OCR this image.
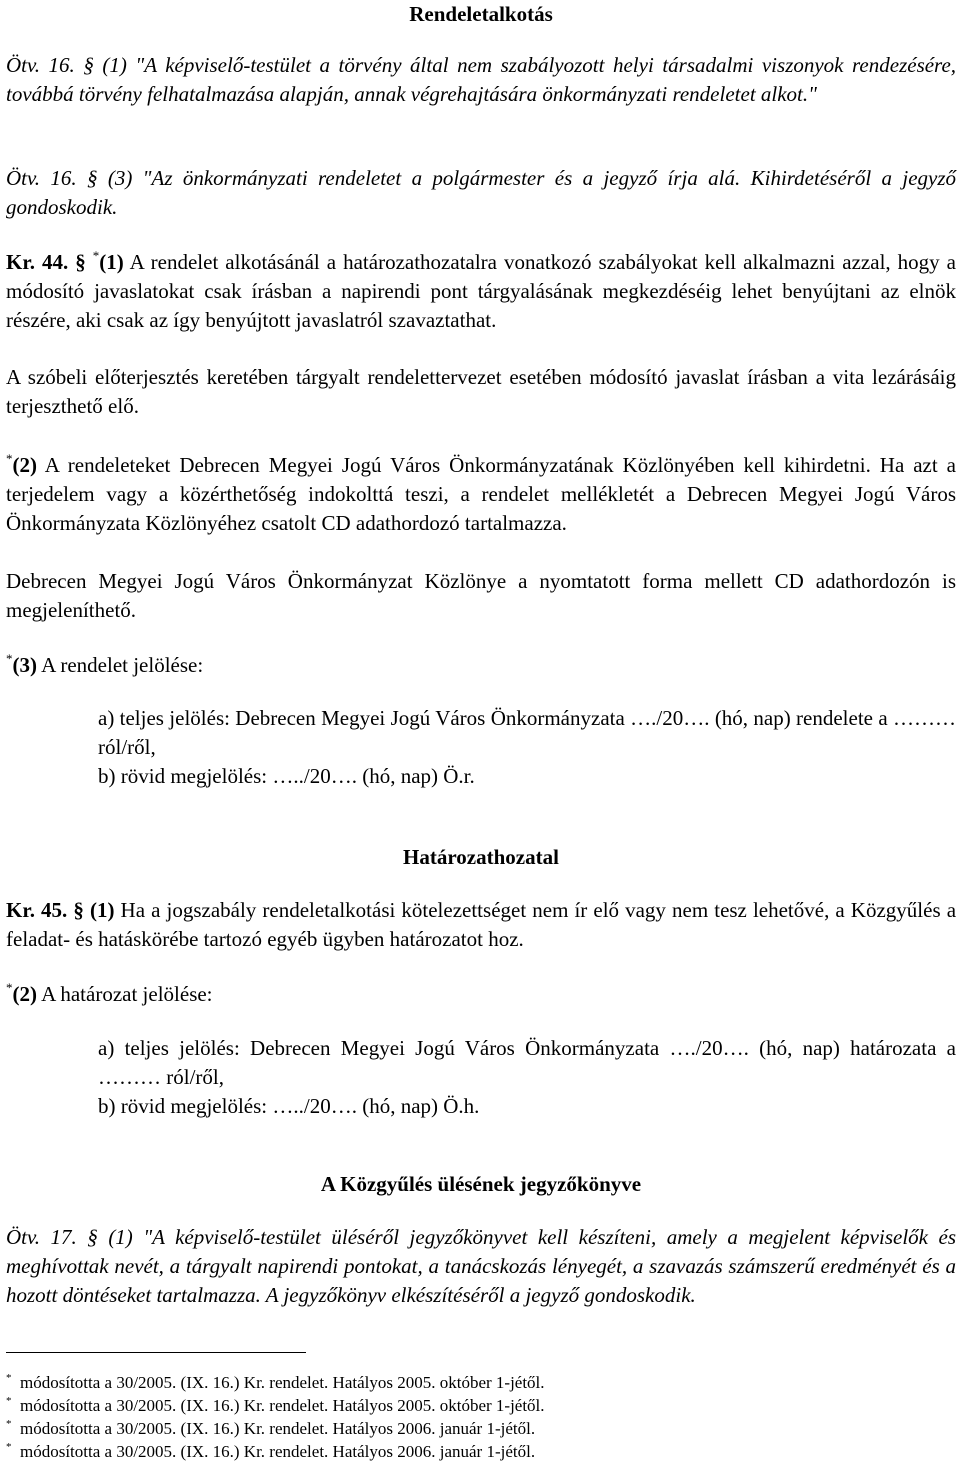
Rendeletalkotás
Ötv. 16. § (1) "A képviselő-testület a törvény által nem szabályozott helyi társadalmi viszonyok rendezésére, továbbá törvény felhatalmazása alapján, annak végrehajtására önkormányzati rendeletet alkot."
Ötv. 16. § (3) "Az önkormányzati rendeletet a polgármester és a jegyző írja alá. Kihirdetéséről a jegyző gondoskodik.
Kr. 44. § *(1) A rendelet alkotásánál a határozathozatalra vonatkozó szabályokat kell alkalmazni azzal, hogy a módosító javaslatokat csak írásban a napirendi pont tárgyalásának megkezdéséig lehet benyújtani az elnök részére, aki csak az így benyújtott javaslatról szavaztathat.
A szóbeli előterjesztés keretében tárgyalt rendelettervezet esetében módosító javaslat írásban a vita lezárásáig terjeszthető elő.
*(2) A rendeleteket Debrecen Megyei Jogú Város Önkormányzatának Közlönyében kell kihirdetni. Ha azt a terjedelem vagy a közérthetőség indokolttá teszi, a rendelet mellékletét a Debrecen Megyei Jogú Város Önkormányzata Közlönyéhez csatolt CD adathordozó tartalmazza.
Debrecen Megyei Jogú Város Önkormányzat Közlönye a nyomtatott forma mellett CD adathordozón is megjeleníthető.
*(3) A rendelet jelölése:
a) teljes jelölés: Debrecen Megyei Jogú Város Önkormányzata …./20…. (hó, nap) rendelete a ……… ról/ről,
b) rövid megjelölés: …../20…. (hó, nap) Ö.r.
Határozathozatal
Kr. 45. § (1) Ha a jogszabály rendeletalkotási kötelezettséget nem ír elő vagy nem tesz lehetővé, a Közgyűlés a feladat- és hatáskörébe tartozó egyéb ügyben határozatot hoz.
*(2) A határozat jelölése:
a) teljes jelölés: Debrecen Megyei Jogú Város Önkormányzata …./20…. (hó, nap) határozata a ……… ról/ről,
b) rövid megjelölés: …../20…. (hó, nap) Ö.h.
A Közgyűlés ülésének jegyzőkönyve
Ötv. 17. § (1) "A képviselő-testület üléséről jegyzőkönyvet kell készíteni, amely a megjelent képviselők és meghívottak nevét, a tárgyalt napirendi pontokat, a tanácskozás lényegét, a szavazás számszerű eredményét és a hozott döntéseket tartalmazza. A jegyzőkönyv elkészítéséről a jegyző gondoskodik.
* módosította a 30/2005. (IX. 16.) Kr. rendelet. Hatályos 2005. október 1-jétől.
* módosította a 30/2005. (IX. 16.) Kr. rendelet. Hatályos 2005. október 1-jétől.
* módosította a 30/2005. (IX. 16.) Kr. rendelet. Hatályos 2006. január 1-jétől.
* módosította a 30/2005. (IX. 16.) Kr. rendelet. Hatályos 2006. január 1-jétől.
